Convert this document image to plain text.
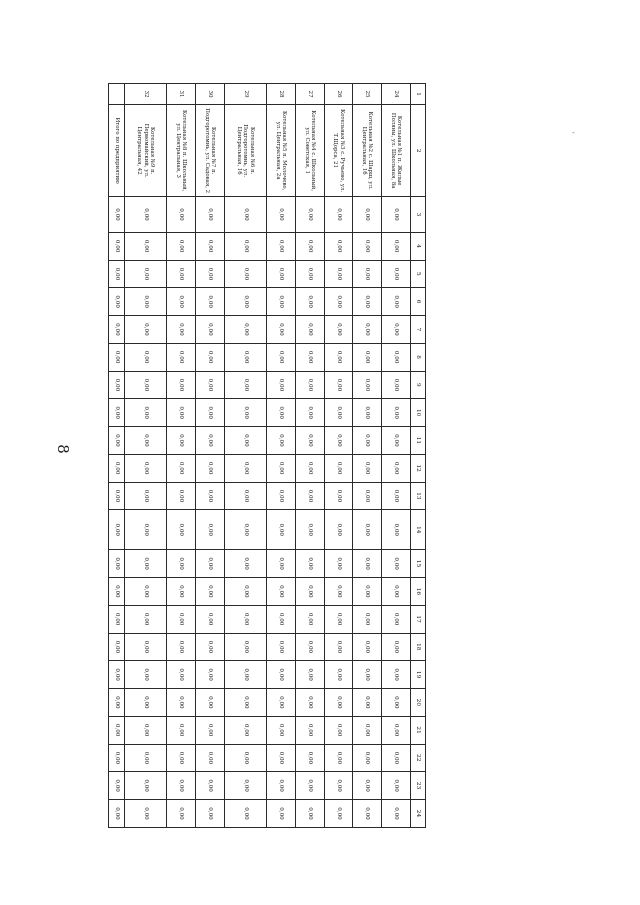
8
-
1	2	3	4	5	6	7	8	9	10	11	12	13	14	15	16	17	18	19	20	21	22	23	24
24	Котельная №1 п. Жилые Поляны, ул. Школьная, 8а	0,00	0,00	0,00	0,00	0,00	0,00	0,00	0,00	0,00	0,00	0,00	0,00	0,00	0,00	0,00	0,00	0,00	0,00	0,00	0,00	0,00	0,00
25	Котельная №2 с. Шарш, ул. Центральная, 1б	0,00	0,00	0,00	0,00	0,00	0,00	0,00	0,00	0,00	0,00	0,00	0,00	0,00	0,00	0,00	0,00	0,00	0,00	0,00	0,00	0,00	0,00
26	Котельная №3 с. Ручьево, ул. Т.Щорса, 21	0,00	0,00	0,00	0,00	0,00	0,00	0,00	0,00	0,00	0,00	0,00	0,00	0,00	0,00	0,00	0,00	0,00	0,00	0,00	0,00	0,00	0,00
27	Котельная №4 с. Школьный, ул. Советская, 1	0,00	0,00	0,00	0,00	0,00	0,00	0,00	0,00	0,00	0,00	0,00	0,00	0,00	0,00	0,00	0,00	0,00	0,00	0,00	0,00	0,00	0,00
28	Котельная №5 п. Молочево, ул. Центральная, 2а	0,00	0,00	0,00	0,00	0,00	0,00	0,00	0,00	0,00	0,00	0,00	0,00	0,00	0,00	0,00	0,00	0,00	0,00	0,00	0,00	0,00	0,00
29	Котельная №6 п. Подгоротомнь, ул. Центральная, 1б	0,00	0,00	0,00	0,00	0,00	0,00	0,00	0,00	0,00	0,00	0,00	0,00	0,00	0,00	0,00	0,00	0,00	0,00	0,00	0,00	0,00	0,00
30	Котельная №7 п. Подгоротомнь, ул. Садовая, 2	0,00	0,00	0,00	0,00	0,00	0,00	0,00	0,00	0,00	0,00	0,00	0,00	0,00	0,00	0,00	0,00	0,00	0,00	0,00	0,00	0,00	0,00
31	Котельная №8 п. Школьный, ул. Центральная, 3	0,00	0,00	0,00	0,00	0,00	0,00	0,00	0,00	0,00	0,00	0,00	0,00	0,00	0,00	0,00	0,00	0,00	0,00	0,00	0,00	0,00	0,00
32	Котельная №9 п. Первомайский, ул. Центральная, 42	0,00	0,00	0,00	0,00	0,00	0,00	0,00	0,00	0,00	0,00	0,00	0,00	0,00	0,00	0,00	0,00	0,00	0,00	0,00	0,00	0,00	0,00
	Итого по предприятию	0,00	0,00	0,00	0,00	0,00	0,00	0,00	0,00	0,00	0,00	0,00	0,00	0,00	0,00	0,00	0,00	0,00	0,00	0,00	0,00	0,00	0,00
